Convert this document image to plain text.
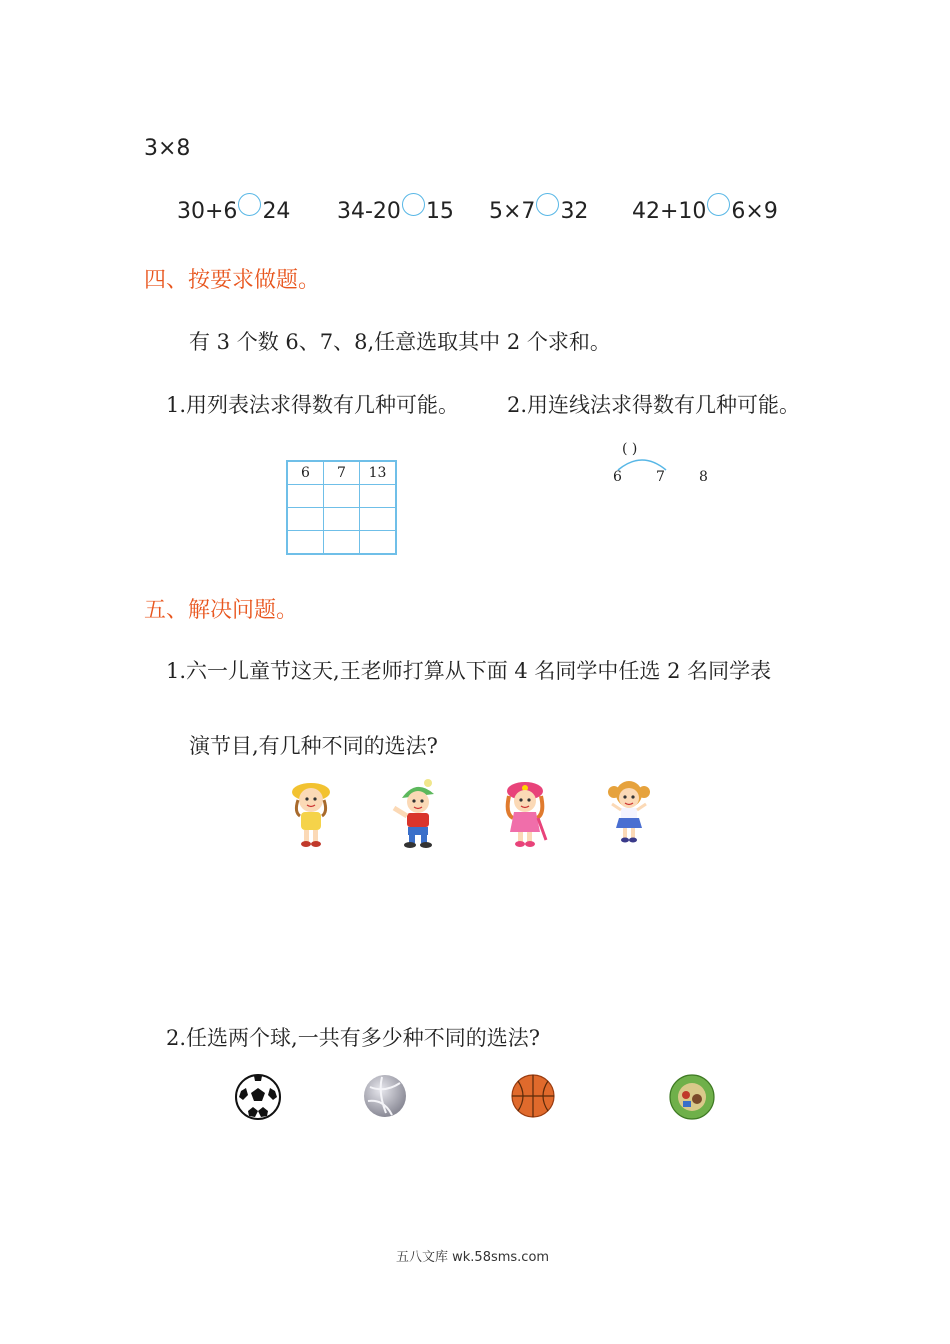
3×8
30+6 24 34-20 15 5×7 32 42+10 6×9
四、按要求做题。
有 3 个数 6、7、8,任意选取其中 2 个求和。
1.用列表法求得数有几种可能。 2.用连线法求得数有几种可能。
6	7	13

( )
6 7 8
五、解决问题。
1.六一儿童节这天,王老师打算从下面 4 名同学中任选 2 名同学表
演节目,有几种不同的选法?
2.任选两个球,一共有多少种不同的选法?
五八文库 wk.58sms.com
